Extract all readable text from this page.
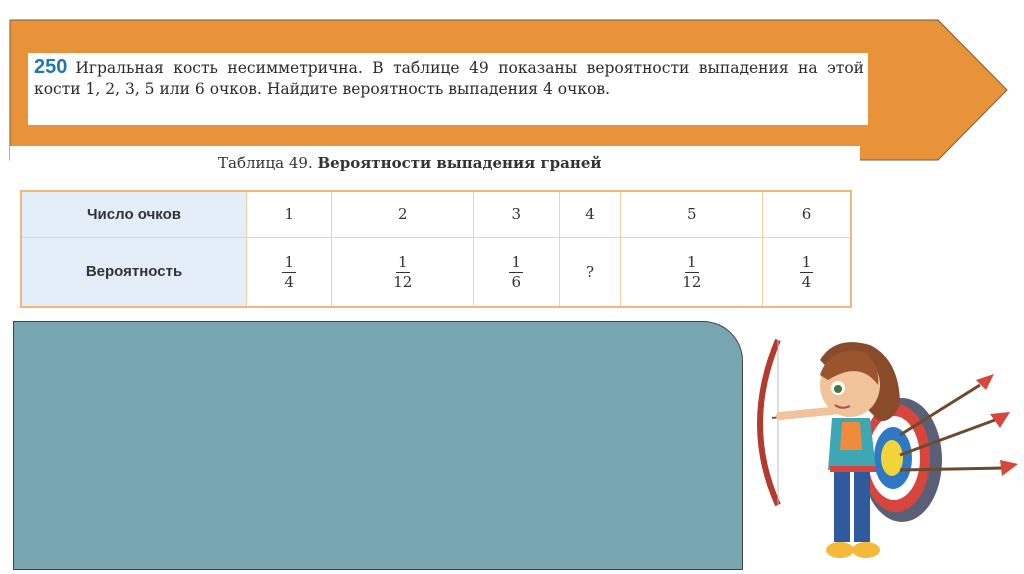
250 Игральная кость несимметрична. В таблице 49 показаны вероятности выпадения на этой кости 1, 2, 3, 5 или 6 очков. Найдите вероятность выпадения 4 очков.
Таблица 49. Вероятности выпадения граней
Число очков	1	2	3	4	5	6
Вероятность	$\frac{1}{4}$	$\frac{1}{12}$	$\frac{1}{6}$	?	$\frac{1}{12}$	$\frac{1}{4}$
